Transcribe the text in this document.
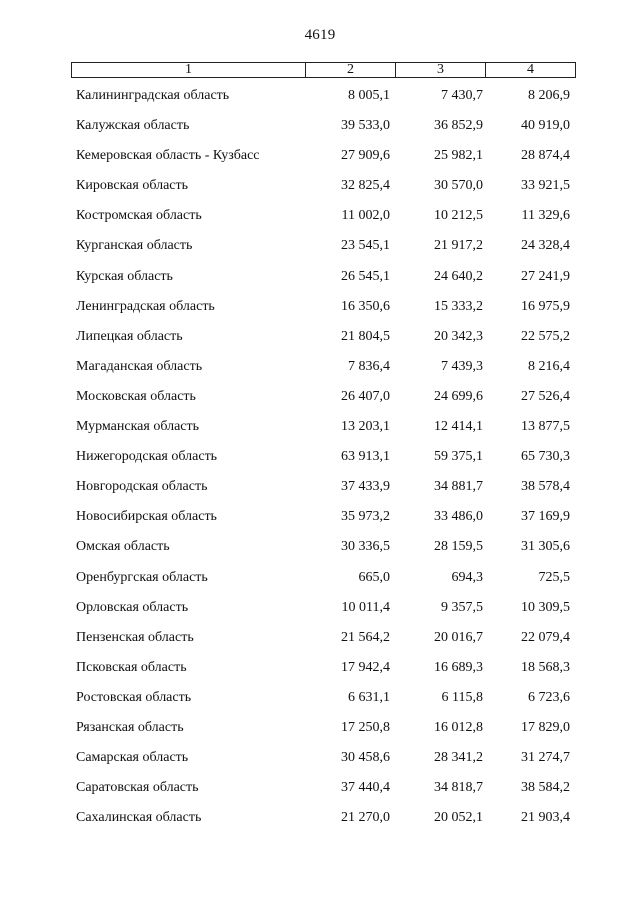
4619
1	2	3	4
Калининградская область	8 005,1	7 430,7	8 206,9
Калужская область	39 533,0	36 852,9	40 919,0
Кемеровская область - Кузбасс	27 909,6	25 982,1	28 874,4
Кировская область	32 825,4	30 570,0	33 921,5
Костромская область	11 002,0	10 212,5	11 329,6
Курганская область	23 545,1	21 917,2	24 328,4
Курская область	26 545,1	24 640,2	27 241,9
Ленинградская область	16 350,6	15 333,2	16 975,9
Липецкая область	21 804,5	20 342,3	22 575,2
Магаданская область	7 836,4	7 439,3	8 216,4
Московская область	26 407,0	24 699,6	27 526,4
Мурманская область	13 203,1	12 414,1	13 877,5
Нижегородская область	63 913,1	59 375,1	65 730,3
Новгородская область	37 433,9	34 881,7	38 578,4
Новосибирская область	35 973,2	33 486,0	37 169,9
Омская область	30 336,5	28 159,5	31 305,6
Оренбургская область	665,0	694,3	725,5
Орловская область	10 011,4	9 357,5	10 309,5
Пензенская область	21 564,2	20 016,7	22 079,4
Псковская область	17 942,4	16 689,3	18 568,3
Ростовская область	6 631,1	6 115,8	6 723,6
Рязанская область	17 250,8	16 012,8	17 829,0
Самарская область	30 458,6	28 341,2	31 274,7
Саратовская область	37 440,4	34 818,7	38 584,2
Сахалинская область	21 270,0	20 052,1	21 903,4
